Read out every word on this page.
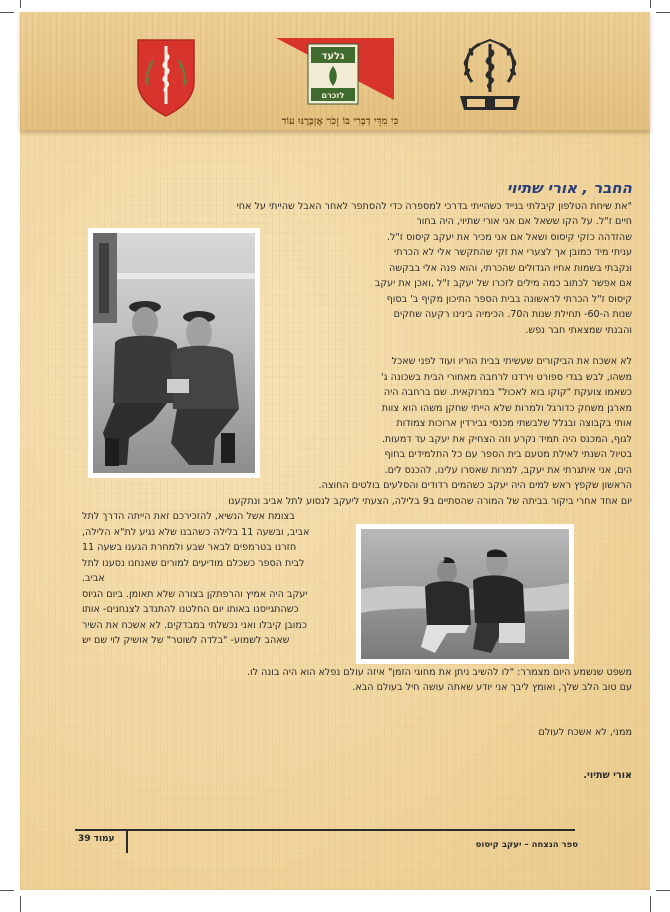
גלעד
לזכרם
כִּי מִדֵּי דַבְּרִי בּוֹ זָכֹר אֶזְכְּרֶנּוּ עוֹד
החבר , אורי שתיוי
"את שיחת הטלפון קיבלתי בנייד כשהייתי בדרכי למספרה כדי להסתפר לאחר האבל שהייתי על אחי
חיים ז"ל. על הקו ששאל אם אני אורי שתיוי, היה בחור
שהזדהה כזקי קיסוס ושאל אם אני מכיר את יעקב קיסוס ז"ל.
עניתי מיד כמובן אך לצערי את זקי שהתקשר אלי לא הכרתי
ונקבתי בשמות אחיו הגדולים שהכרתי, והוא פנה אלי בבקשה
אם אפשר לכתוב כמה מילים לזכרו של יעקב ז"ל ,ואכן את יעקב
קיסוס ז"ל הכרתי לראשונה בבית הספר התיכון מקיף ב' בסוף
שנות ה-60- תחילת שנות ה70. הכימיה בינינו רקעה שחקים
והבנתי שמצאתי חבר נפש.
לא אשכח את הביקורים שעשיתי בבית הוריו ועוד לפני שאכל
משהו, לבש בגדי ספורט וירדנו לרחבה מאחורי הבית בשכונה ג'
כשאמו צועקת "קוקו בוא לאכול" במרוקאית. שם ברחבה היה
מארגן משחק כדורגל ולמרות שלא הייתי שחקן משהו הוא צוות
אותי בקבוצה ובגלל שלבשתי מכנסי גבירדין ארוכות צמודות
לגוף, המכנס היה תמיד נקרע וזה הצחיק את יעקב עד דמעות.
בטיול השנתי לאילת מטעם בית הספר עם כל התלמידים בחוף
הים, אני איתגרתי את יעקב, למרות שאסרו עלינו, להכנס לים.
הראשון שקפץ ראש למים היה יעקב כשהמים רדודים והסלעים בולטים החוצה.
יום אחד אחרי ביקור בביתה של המורה שהסתיים ב9 בלילה, הצעתי ליעקב לנסוע לתל אביב ונתקענו
בצומת אשל הנשיא, להזכירכם זאת הייתה הדרך לתל
אביב, ובשעה 11 בלילה כשהבנו שלא נגיע לת"א הלילה,
חזרנו בטרמפים לבאר שבע ולמחרת הגענו בשעה 11
לבית הספר כשכלם מודיעים למורים שאנחנו נסענו לתל
אביב.
יעקב היה אמיץ והרפתקן בצורה שלא תאומן. ביום הגיוס
כשהתגייסנו באותו יום החלטנו להתנדב לצנחנים- אותו
כמובן קיבלו ואני נכשלתי במבדקים. לא אשכח את השיר
שאהב לשמוע- "בלדה לשוטר" של אושיק לוי שם יש
משפט שנשמע היום מצמרר: "לו להשיב ניתן את מחוגי הזמן" איזה עולם נפלא הוא היה בונה לו.
עם טוב הלב שלך, ואומץ ליבך אני יודע שאתה עושה חיל בעולם הבא.
ממני, לא אשכח לעולם
אורי שתיוי.
עמוד 39
ספר הנצחה – יעקב קיסוס
